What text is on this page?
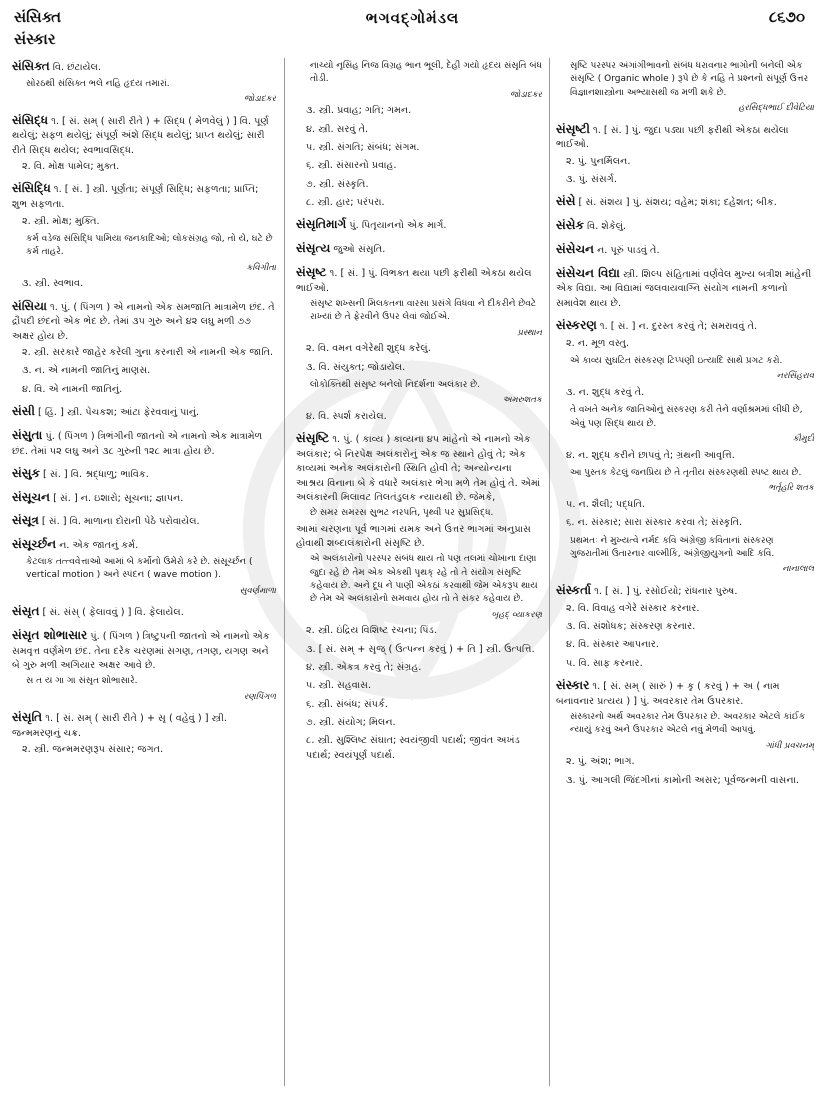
સંસિક્ત
સંસ્કાર
ભગવદ્ગોમંડલ	૮૬૭૦
સંસિક્ત વિ. છંટાયેલ.
સોરઠથી સંસિક્ત ભલે નહિ હૃદય તમારાં.
જોડાદકર
સંસિદ્ધ ૧. [ સં. સમ્ ( સારી રીતે ) + સિદ્ધ ( મેળવેલું ) ] વિ. પૂર્ણ થયેલું; સફળ થયેલું; સંપૂર્ણ અંશે સિદ્ધ થયેલું; પ્રાપ્ત થયેલું; સારી રીતે સિદ્ધ થયેલ; સ્વભાવસિદ્ધ.
૨. વિ. મોક્ષ પામેલ; મુક્ત.
સંસિદ્ધિ ૧. [ સં. ] સ્ત્રી. પૂર્ણતા; સંપૂર્ણ સિદ્ધિ; સફળતા; પ્રાપ્તિ; શુભ સફળતા.
૨. સ્ત્રી. મોક્ષ; મુક્તિ.
કર્મ વડેજ સંસિદ્ધિ પામિયા જનકાદિઓ; લોકસંગ્રહ જો, તો યે, ઘટે છે કર્મ તાહરે.
કવિગીતા
૩. સ્ત્રી. સ્વભાવ.
સંસિયા ૧. પું. ( પિંગળ ) એ નામનો એક સમજાતિ માત્રામેળ છંદ. તે દ્રૌપદી છંદનો એક ભેદ છે. તેમાં ૩૫ ગુરુ અને ૪૨ લઘુ મળી ૭૭ અક્ષર હોય છે.
૨. સ્ત્રી. સરકારે જાહેર કરેલી ગુના કરનારી એ નામની એક જાતિ.
૩. ન. એ નામની જાતિનું માણસ.
૪. વિ. એ નામની જાતિનું.
સંસી [ હિં. ] સ્ત્રી. પેચકશ; આંટા ફેરવવાનું પાનું.
સંસુતા પું. ( પિંગળ ) ત્રિભંગીની જાતનો એ નામનો એક માત્રામેળ છંદ. તેમાં ૫૨ લઘુ અને ૩૮ ગુરુની ૧૨૮ માત્રા હોય છે.
સંસુક [ સં. ] વિ. શ્રદ્ધાળુ; ભાવિક.
સંસૂચન [ સં. ] ન. ઇશારો; સૂચના; જ્ઞાપન.
સંસૂત્ર [ સં. ] વિ. માળાના દોરાની પેઠે પરોવાયેલ.
સંસૂર્ચ્છન ન. એક જાતનું કર્મ.
કેટલાક તત્ત્વવેત્તાઓ આમાં બે કર્મોનો ઉમેરો કરે છે. સંસૂર્ચ્છન ( vertical motion ) અને સ્પંદન ( wave motion ).
સુવર્ણમાળા
સંસૃત [ સં. સંસ્ ( ફેલાવવું ) ] વિ. ફેલાયેલ.
સંસૃત શોભાસાર પું. ( પિંગળ ) ત્રિષ્ટુપની જાતનો એ નામનો એક સમવૃત્ત વર્ણમેળ છંદ. તેના દરેક ચરણમાં સગણ, તગણ, યગણ અને બે ગુરુ મળી અગિયાર અક્ષર આવે છે.
સ ત ય ગા ગા સંસૃત શોભાસારે.
રણપિંગળ
સંસૃતિ ૧. [ સં. સમ્ ( સારી રીતે ) + સૃ ( વહેવું ) ] સ્ત્રી. જન્મમરણનું ચક્ર.
૨. સ્ત્રી. જન્મમરણરૂપ સંસાર; જગત.
નાચ્યો નૃસિંહ નિજ વિગ્રહ ભાન ભૂલી, દેહી ગયો હૃદય સંસૃતિ બંધ તોડી.
જોડાદકર
૩. સ્ત્રી. પ્રવાહ; ગતિ; ગમન.
૪. સ્ત્રી. સરવું તે.
૫. સ્ત્રી. સંગતિ; સંબંધ; સંગમ.
૬. સ્ત્રી. સંસારનો પ્રવાહ.
૭. સ્ત્રી. સંસ્કૃતિ.
૮. સ્ત્રી. હાર; પરંપરા.
સંસૃતિમાર્ગ પું. પિતૃયાનનો એક માર્ગ.
સંસૃત્ય જુઓ સંસૃતિ.
સંસૃષ્ટ ૧. [ સં. ] પું. વિભક્ત થયા પછી ફરીથી એકઠા થયેલ ભાઈઓ.
સંસૃષ્ટ શખ્સની મિલકતના વારસા પ્રસંગે વિધવા ને દીકરીને છેવટે રાખ્યાં છે તે ફેરવીને ઉપર લેવાં જોઈએ.
પ્રસ્થાન
૨. વિ. વમન વગેરેથી શુદ્ધ કરેલું.
૩. વિ. સંયુક્ત; જોડાયેલ.
લોકોક્તિથી સંસૃષ્ટ બનેલો નિદર્શના અલંકાર છે.
અમરુશતક
૪. વિ. સ્પર્શ કરાયેલ.
સંસૃષ્ટિ ૧. પું. ( કાવ્ય ) કાવ્યના ૪૫ માંહેનો એ નામનો એક અલંકાર; બે નિરપેક્ષ અલંકારોનું એક જ સ્થાને હોવું તે; એક કાવ્યમાં અનેક અલંકારોની સ્થિતિ હોવી તે; અન્યોન્યના આશ્રય વિનાના બે કે વધારે અલંકાર ભેગા મળે તેમ હોવું તે. એમાં અલંકારની મિલાવટ તિલતંડુલક ન્યાયથી છે. જેમકે,
છે સમર સમરસ સુભટ નરપતિ, પૃથ્વી પર સુપ્રસિદ્ધ.
આમાં ચરણના પૂર્વ ભાગમાં યમક અને ઉત્તર ભાગમાં અનુપ્રાસ હોવાથી શબ્દાલંકારોની સંસૃષ્ટિ છે.
એ અલંકારોનો પરસ્પર સંબંધ થાય તો પણ તલમાં ચોખાના દાણા જુદા રહે છે તેમ એક એકથી પૃથક્ રહે તો તે સંયોગ સંસૃષ્ટિ કહેવાય છે. અને દૂધ ને પાણી એકઠાં કરવાથી જેમ એકરૂપ થાય છે તેમ એ અલંકારોનો સમવાય હોય તો તે સંકર કહેવાય છે.
બૃહદ્ વ્યાકરણ
૨. સ્ત્રી. ઇંદ્રિય વિશિષ્ટ રચના; પિંડ.
૩. [ સં. સમ્ + સૃજ્ ( ઉત્પન્ન કરવું ) + તિ ] સ્ત્રી. ઉત્પત્તિ.
૪. સ્ત્રી. એકત્ર કરવું તે; સંગ્રહ.
૫. સ્ત્રી. સહવાસ.
૬. સ્ત્રી. સંબંધ; સંપર્ક.
૭. સ્ત્રી. સંયોગ; મિલન.
૮. સ્ત્રી. સુશ્લિષ્ટ સંઘાત; સ્વયંજીવી પદાર્થ; જીવંત અખંડ પદાર્થ; સ્વયંપૂર્ણ પદાર્થ.
સૃષ્ટિ પરસ્પર અંગાંગીભાવનો સંબંધ ધરાવનાર ભાગોની બનેલી એક સંસૃષ્ટિ ( Organic whole ) રૂપે છે કે નહિ તે પ્રશ્નનો સંપૂર્ણ ઉત્તર વિજ્ઞાનશાસ્ત્રોના અભ્યાસથી જ મળી શકે છે.
હરસિદ્ધભાઈ દીવેટિયા
સંસૃષ્ટી ૧. [ સં. ] પું. જુદા પડ્યા પછી ફરીથી એકઠા થયેલા ભાઈઓ.
૨. પું. પુનર્મિલન.
૩. પું. સંસર્ગ.
સંસે [ સં. સંશય ] પું. સંશય; વહેમ; શંકા; દહેશત; બીક.
સંસેક વિ. શેકેલું.
સંસેચન ન. પૂરું પાડવું તે.
સંસેચન વિદ્યા સ્ત્રી. શિલ્પ સંહિતામાં વર્ણવેલ મુખ્ય બત્રીશ માંહેની એક વિદ્યા. આ વિદ્યામાં જલવાયવાગ્નિ સંયોગ નામની કળાનો સમાવેશ થાય છે.
સંસ્કરણ ૧. [ સં. ] ન. દુરસ્ત કરવું તે; સમરાવવું તે.
૨. ન. મૂળ વસ્તુ.
એ કાવ્ય સુઘટિત સંસ્કરણ ટિપ્પણી ઇત્યાદિ સાથે પ્રગટ કરો.
નરસિંહરાવ
૩. ન. શુદ્ધ કરવું તે.
તે વખતે અનેક જાતિઓનું સંસ્કરણ કરી તેને વર્ણાશ્રમમાં લીધી છે, એવું પણ સિદ્ધ થાય છે.
કૌમુદી
૪. ન. શુદ્ધ કરીને છાપવું તે; ગ્રંથની આવૃત્તિ.
આ પુસ્તક કેટલું જનપ્રિય છે તે તૃતીય સંસ્કરણથી સ્પષ્ટ થાય છે.
ભર્તૃહરિ શતક
૫. ન. શૈલી; પદ્ધતિ.
૬. ન. સંસ્કાર; સારા સંસ્કાર કરવા તે; સંસ્કૃતિ.
પ્રથમતઃ ને મુખ્યત્વે નર્મદ કવિ અંગ્રેજી કવિતાનાં સંસ્કરણ ગુજરાતીમાં ઉતારનાર વાલ્મીકિ, અંગ્રેજીયુગનો આદિ કવિ.
નાનાલાલ
સંસ્કર્તા ૧. [ સં. ] પું. રસોઈયો; રાંધનાર પુરુષ.
૨. વિ. વિવાહ વગેરે સંસ્કાર કરનાર.
૩. વિ. સંશોધક; સંસ્કરણ કરનાર.
૪. વિ. સંસ્કાર આપનાર.
૫. વિ. સાફ કરનાર.
સંસ્કાર ૧. [ સં. સમ્ ( સારું ) + કૃ ( કરવું ) + અ ( નામ બનાવનાર પ્રત્યય ) ] પું. અવરકાર તેમ ઉપરકાર.
સંસ્કારનો અર્થ અવરકાર તેમ ઉપરકાર છે. અવરકાર એટલે કાંઈક ન્યાયું કરવું અને ઉપરકાર એટલે નવું મેળવી આપવું.
ગાંધી પ્રવચનમ્
૨. પું. અંશ; ભાગ.
૩. પું. આગલી જિંદગીનાં કામોની અસર; પૂર્વજન્મની વાસના.
